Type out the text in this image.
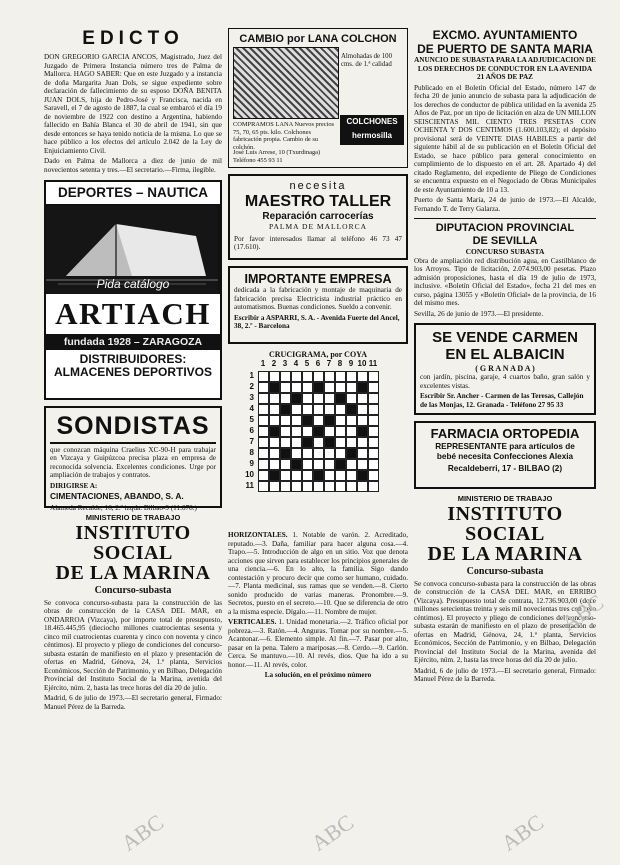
EDICTO

DON GREGORIO GARCIA ANCOS, Magistrado, Juez del Juzgado de Primera Instancia número tres de Palma de Mallorca. HAGO SABER: Que en este Juzgado y a instancia de doña Margarita Juan Dols, se sigue expediente sobre declaración de fallecimiento de su esposo DOÑA BENITA JUAN DOLS, hija de Pedro-José y Francisca, nacida en Saravell, el 7 de agosto de 1887, la cual se embarcó el día 19 de noviembre de 1922 con destino a Argentina, habiendo fallecido en Bahía Blanca el 30 de abril de 1941, sin que desde entonces se haya tenido noticia de la misma. Lo que se hace público a los efectos del artículo 2.042 de la Ley de Enjuiciamiento Civil.

Dado en Palma de Mallorca a diez de junio de mil novecientos setenta y tres.—El secretario.—Firma, ilegible.

DEPORTES – NAUTICA
Pida catálogo
ARTIACH
fundada 1928 – ZARAGOZA
DISTRIBUIDORES:
ALMACENES DEPORTIVOS
SONDISTAS

que conozcan máquina Craelius XC-90-H para trabajar en Vizcaya y Guipúzcoa precisa plaza en empresa de reconocida solvencia. Excelentes condiciones. Urge por ampliación de trabajos y contratos.

DIRIGIRSE A:

CIMENTACIONES, ABANDO, S. A.

Alameda Recalde, 16, 2.º izqda. Bilbao-9 (11.678.)

MINISTERIO DE TRABAJO
INSTITUTO SOCIAL
DE LA MARINA
Concurso-subasta

Se convoca concurso-subasta para la construcción de las obras de construcción de la CASA DEL MAR, en ONDARROA (Vizcaya), por importe total de presupuesto, 18.465.445,95 (dieciocho millones cuatrocientas sesenta y cinco mil cuatrocientas cuarenta y cinco con noventa y cinco céntimos). El proyecto y pliego de condiciones del concurso-subasta estarán de manifiesto en el plazo y presentación de ofertas en Madrid, Génova, 24, 1.ª planta, Servicios Económicos, Sección de Patrimonio, y en Bilbao, Delegación Provincial del Instituto Social de la Marina, avenida del Ejército, núm. 2, hasta las trece horas del día 20 de julio.

Madrid, 6 de julio de 1973.—El secretario general, Firmado: Manuel Pérez de la Barreda.

CAMBIO por LANA COLCHON
Almohadas de 100 cms. de 1.ª calidad
COMPRAMOS LANA Nuevos precios 75, 70, 65 pts. kilo. Colchones fabricación propia. Cambio de su colchón.
José Luis Arrese, 10 (Txurdinaga) Teléfono 455 93 11
COLCHONES hermosilla
necesita
MAESTRO TALLER
Reparación carrocerías
PALMA DE MALLORCA

Por favor interesados llamar al teléfono 46 73 47 (17.610).

IMPORTANTE EMPRESA

dedicada a la fabricación y montaje de maquinaria de fabricación precisa Electricista industrial práctico en automatismos. Buenas condiciones. Sueldo a convenir.

Escribir a ASPARRI, S. A. - Avenida Fuerte del Ancel, 38, 2.º - Barcelona

CRUCIGRAMA, por COYA
1 2 3 4 5 6 7 8 9 10 11
1
2
3
4
5
6
7
8
9
10
11

HORIZONTALES. 1. Notable de varón. 2. Acreditado, reputado.—3. Daña, familiar para hacer alguna cosa.—4. Trapo.—5. Introducción de algo en un sitio. Voz que denota acciones que sirven para establecer los principios generales de una ciencia.—6. En lo alto, la familia. Sigo dando contestación y procuro decir que como ser humano, cuidado.—7. Planta medicinal, sus ramas que se venden.—8. Cierto sonido producido de varias maneras. Pronombre.—9. Secretos, puesto en el secreto.—10. Que se diferencia de otro a la misma especie. Dígalo.—11. Nombre de mujer.

VERTICALES. 1. Unidad monetaria.—2. Tráfico oficial por pobreza.—3. Ratón.—4. Anguras. Tomar por su nombre.—5. Acantonar.—6. Elemento simple. Al fin.—7. Pasar por alto, pasar en la pena. Talero a mariposas.—8. Cerdo.—9. Carlón. Cerca. Se mantuvo.—10. Al revés, dios. Que ha ido a su honor.—11. Al revés, color.

La solución, en el próximo número

EXCMO. AYUNTAMIENTO
DE PUERTO DE SANTA MARIA

ANUNCIO DE SUBASTA PARA LA ADJUDICACION DE LOS DERECHOS DE CONDUCTOR EN LA AVENIDA 21 AÑOS DE PAZ

Publicado en el Boletín Oficial del Estado, número 147 de fecha 20 de junio anuncio de subasta para la adjudicación de los derechos de conductor de pública utilidad en la avenida 25 Años de Paz, por un tipo de licitación en alza de UN MILLON SEISCIENTAS MIL CIENTO TRES PESETAS CON OCHENTA Y DOS CENTIMOS (1.600.103,82); el depósito provisional será de VEINTE DIAS HABILES a partir del siguiente hábil al de su publicación en el Boletín Oficial del Estado, se hace público para general conocimiento en cumplimiento de lo dispuesto en el art. 28. Apartado 4) del citado Reglamento, del expediente de Pliego de Condiciones se encuentra expuesto en el Negociado de Obras Municipales de este Ayuntamiento de 10 a 13.

Puerto de Santa María, 24 de junio de 1973.—El Alcalde, Fernando T. de Terry Galarza.

DIPUTACION PROVINCIAL
DE SEVILLA
CONCURSO SUBASTA

Obra de ampliación red distribución agua, en Castilblanco de los Arroyos. Tipo de licitación, 2.074.903,00 pesetas. Plazo admisión proposiciones, hasta el día 19 de julio de 1973, inclusive. «Boletín Oficial del Estado», fecha 21 del mes en curso, página 13055 y «Boletín Oficial» de la provincia, de 16 del mismo mes.

Sevilla, 26 de junio de 1973.—El presidente.

SE VENDE CARMEN
EN EL ALBAICIN
( G R A N A D A )

con jardín, piscina, garaje, 4 cuartos baño, gran salón y excelentes vistas.

Escribir Sr. Ancher - Carmen de las Teresas, Callejón de las Monjas, 12. Granada - Teléfono 27 95 33

FARMACIA ORTOPEDIA
REPRESENTANTE para artículos de
bebé necesita Confecciones Alexia
Recaldeberri, 17 - BILBAO (2)
MINISTERIO DE TRABAJO
INSTITUTO SOCIAL
DE LA MARINA
Concurso-subasta

Se convoca concurso-subasta para la construcción de las obras de construcción de la CASA DEL MAR, en ERRIBO (Vizcaya). Presupuesto total de contrata, 12.736.903,00 (doce millones setecientas treinta y seis mil novecientas tres con cero céntimos). El proyecto y pliego de condiciones del concurso-subasta estarán de manifiesto en el plazo de presentación de ofertas en Madrid, Génova, 24, 1.ª planta, Servicios Económicos, Sección de Patrimonio, y en Bilbao, Delegación Provincial del Instituto Social de la Marina, avenida del Ejército, núm. 2, hasta las trece horas del día 20 de julio.

Madrid, 6 de julio de 1973.—El secretario general, Firmado: Manuel Pérez de la Barreda.

ABC	ABC	ABC
ABC
